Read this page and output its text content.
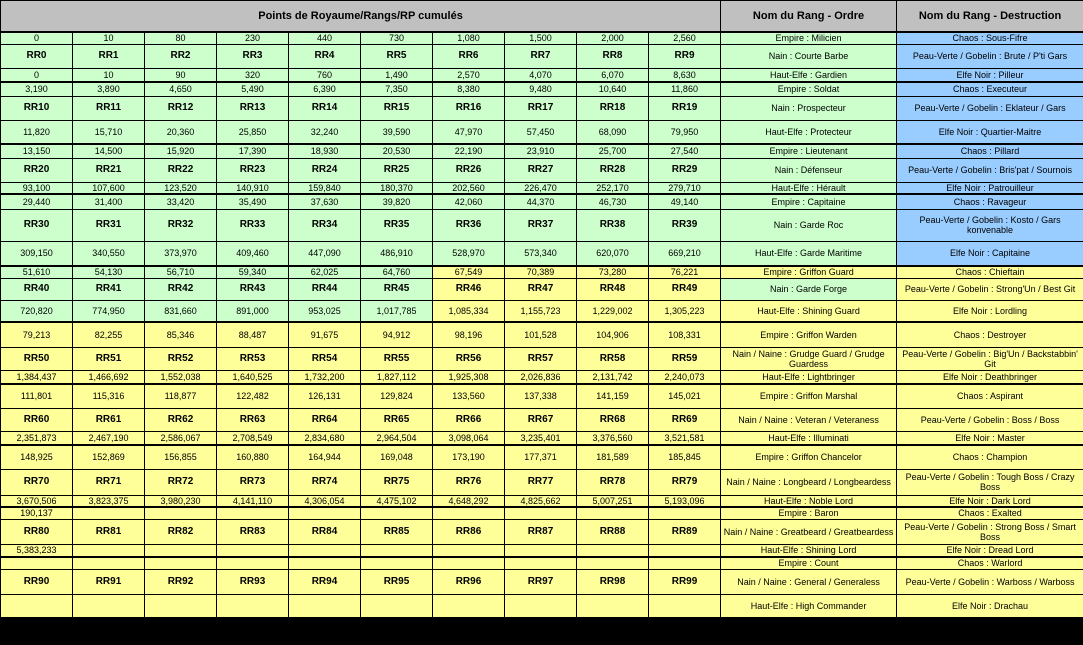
Points de Royaume/Rangs/RP cumulés										Nom du Rang - Ordre	Nom du Rang - Destruction
0	10	80	230	440	730	1,080	1,500	2,000	2,560	Empire : Milicien	Chaos : Sous-Fifre
RR0	RR1	RR2	RR3	RR4	RR5	RR6	RR7	RR8	RR9	Nain : Courte Barbe	Peau-Verte / Gobelin : Brute / P'ti Gars
0	10	90	320	760	1,490	2,570	4,070	6,070	8,630	Haut-Elfe : Gardien	Elfe Noir : Pilleur
3,190	3,890	4,650	5,490	6,390	7,350	8,380	9,480	10,640	11,860	Empire : Soldat	Chaos : Executeur
RR10	RR11	RR12	RR13	RR14	RR15	RR16	RR17	RR18	RR19	Nain : Prospecteur	Peau-Verte / Gobelin : Eklateur / Gars
11,820	15,710	20,360	25,850	32,240	39,590	47,970	57,450	68,090	79,950	Haut-Elfe : Protecteur	Elfe Noir : Quartier-Maitre
13,150	14,500	15,920	17,390	18,930	20,530	22,190	23,910	25,700	27,540	Empire : Lieutenant	Chaos : Pillard
RR20	RR21	RR22	RR23	RR24	RR25	RR26	RR27	RR28	RR29	Nain : Défenseur	Peau-Verte / Gobelin : Bris'pat / Sournois
93,100	107,600	123,520	140,910	159,840	180,370	202,560	226,470	252,170	279,710	Haut-Elfe : Hérault	Elfe Noir : Patrouilleur
29,440	31,400	33,420	35,490	37,630	39,820	42,060	44,370	46,730	49,140	Empire : Capitaine	Chaos : Ravageur
RR30	RR31	RR32	RR33	RR34	RR35	RR36	RR37	RR38	RR39	Nain : Garde Roc	Peau-Verte / Gobelin : Kosto / Gars konvenable
309,150	340,550	373,970	409,460	447,090	486,910	528,970	573,340	620,070	669,210	Haut-Elfe : Garde Maritime	Elfe Noir : Capitaine
51,610	54,130	56,710	59,340	62,025	64,760	67,549	70,389	73,280	76,221	Empire : Griffon Guard	Chaos : Chieftain
RR40	RR41	RR42	RR43	RR44	RR45	RR46	RR47	RR48	RR49	Nain : Garde Forge	Peau-Verte / Gobelin : Strong'Un / Best Git
720,820	774,950	831,660	891,000	953,025	1,017,785	1,085,334	1,155,723	1,229,002	1,305,223	Haut-Elfe : Shining Guard	Elfe Noir : Lordling
79,213	82,255	85,346	88,487	91,675	94,912	98,196	101,528	104,906	108,331	Empire : Griffon Warden	Chaos : Destroyer
RR50	RR51	RR52	RR53	RR54	RR55	RR56	RR57	RR58	RR59	Nain / Naine : Grudge Guard / Grudge Guardess	Peau-Verte / Gobelin : Big'Un / Backstabbin' Git
1,384,437	1,466,692	1,552,038	1,640,525	1,732,200	1,827,112	1,925,308	2,026,836	2,131,742	2,240,073	Haut-Elfe : Lightbringer	Elfe Noir : Deathbringer
111,801	115,316	118,877	122,482	126,131	129,824	133,560	137,338	141,159	145,021	Empire : Griffon Marshal	Chaos : Aspirant
RR60	RR61	RR62	RR63	RR64	RR65	RR66	RR67	RR68	RR69	Nain / Naine : Veteran / Veteraness	Peau-Verte / Gobelin : Boss / Boss
2,351,873	2,467,190	2,586,067	2,708,549	2,834,680	2,964,504	3,098,064	3,235,401	3,376,560	3,521,581	Haut-Elfe : Illuminati	Elfe Noir : Master
148,925	152,869	156,855	160,880	164,944	169,048	173,190	177,371	181,589	185,845	Empire : Griffon Chancelor	Chaos : Champion
RR70	RR71	RR72	RR73	RR74	RR75	RR76	RR77	RR78	RR79	Nain / Naine : Longbeard / Longbeardess	Peau-Verte / Gobelin : Tough Boss / Crazy Boss
3,670,506	3,823,375	3,980,230	4,141,110	4,306,054	4,475,102	4,648,292	4,825,662	5,007,251	5,193,096	Haut-Elfe : Noble Lord	Elfe Noir : Dark Lord
190,137										Empire : Baron	Chaos : Exalted
RR80	RR81	RR82	RR83	RR84	RR85	RR86	RR87	RR88	RR89	Nain / Naine : Greatbeard / Greatbeardess	Peau-Verte / Gobelin : Strong Boss / Smart Boss
5,383,233										Haut-Elfe : Shining Lord	Elfe Noir : Dread Lord
										Empire : Count	Chaos : Warlord
RR90	RR91	RR92	RR93	RR94	RR95	RR96	RR97	RR98	RR99	Nain / Naine : General / Generaless	Peau-Verte / Gobelin : Warboss / Warboss
										Haut-Elfe : High Commander	Elfe Noir : Drachau
